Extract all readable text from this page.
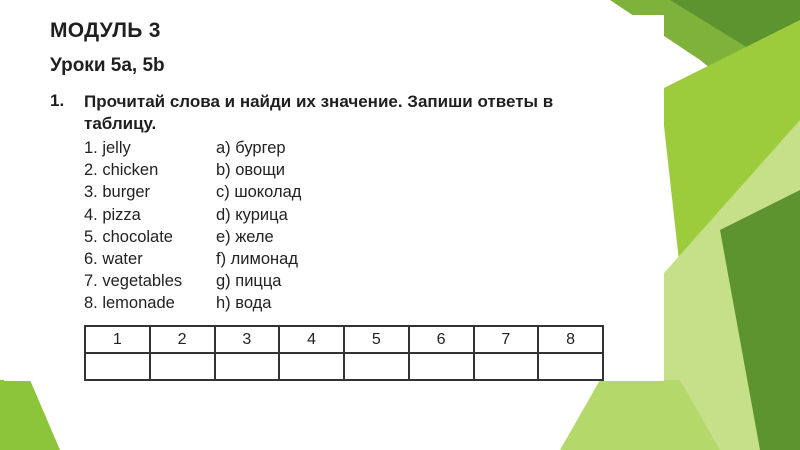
МОДУЛЬ 3
Уроки 5a, 5b
1. Прочитай слова и найди их значение. Запиши ответы в таблицу.
1. jelly
2. chicken
3. burger
4. pizza
5. chocolate
6. water
7. vegetables
8. lemonade
a) бургер
b) овощи
c) шоколад
d) курица
e) желе
f) лимонад
g) пицца
h) вода
1	2	3	4	5	6	7	8
